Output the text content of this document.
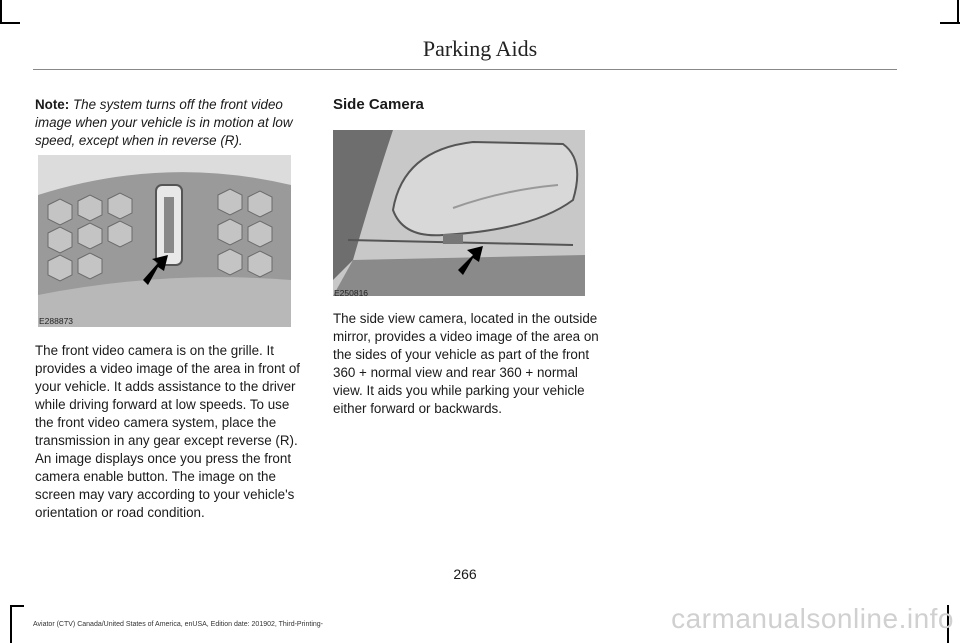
Parking Aids
Note: The system turns off the front video image when your vehicle is in motion at low speed, except when in reverse (R).
E288873
The front video camera is on the grille. It provides a video image of the area in front of your vehicle. It adds assistance to the driver while driving forward at low speeds. To use the front video camera system, place the transmission in any gear except reverse (R). An image displays once you press the front camera enable button. The image on the screen may vary according to your vehicle's orientation or road condition.
Side Camera
E250816
The side view camera, located in the outside mirror, provides a video image of the area on the sides of your vehicle as part of the front 360 + normal view and rear 360 + normal view. It aids you while parking your vehicle either forward or backwards.
266
Aviator (CTV) Canada/United States of America, enUSA, Edition date: 201902, Third-Printing-	carmanualsonline.info
